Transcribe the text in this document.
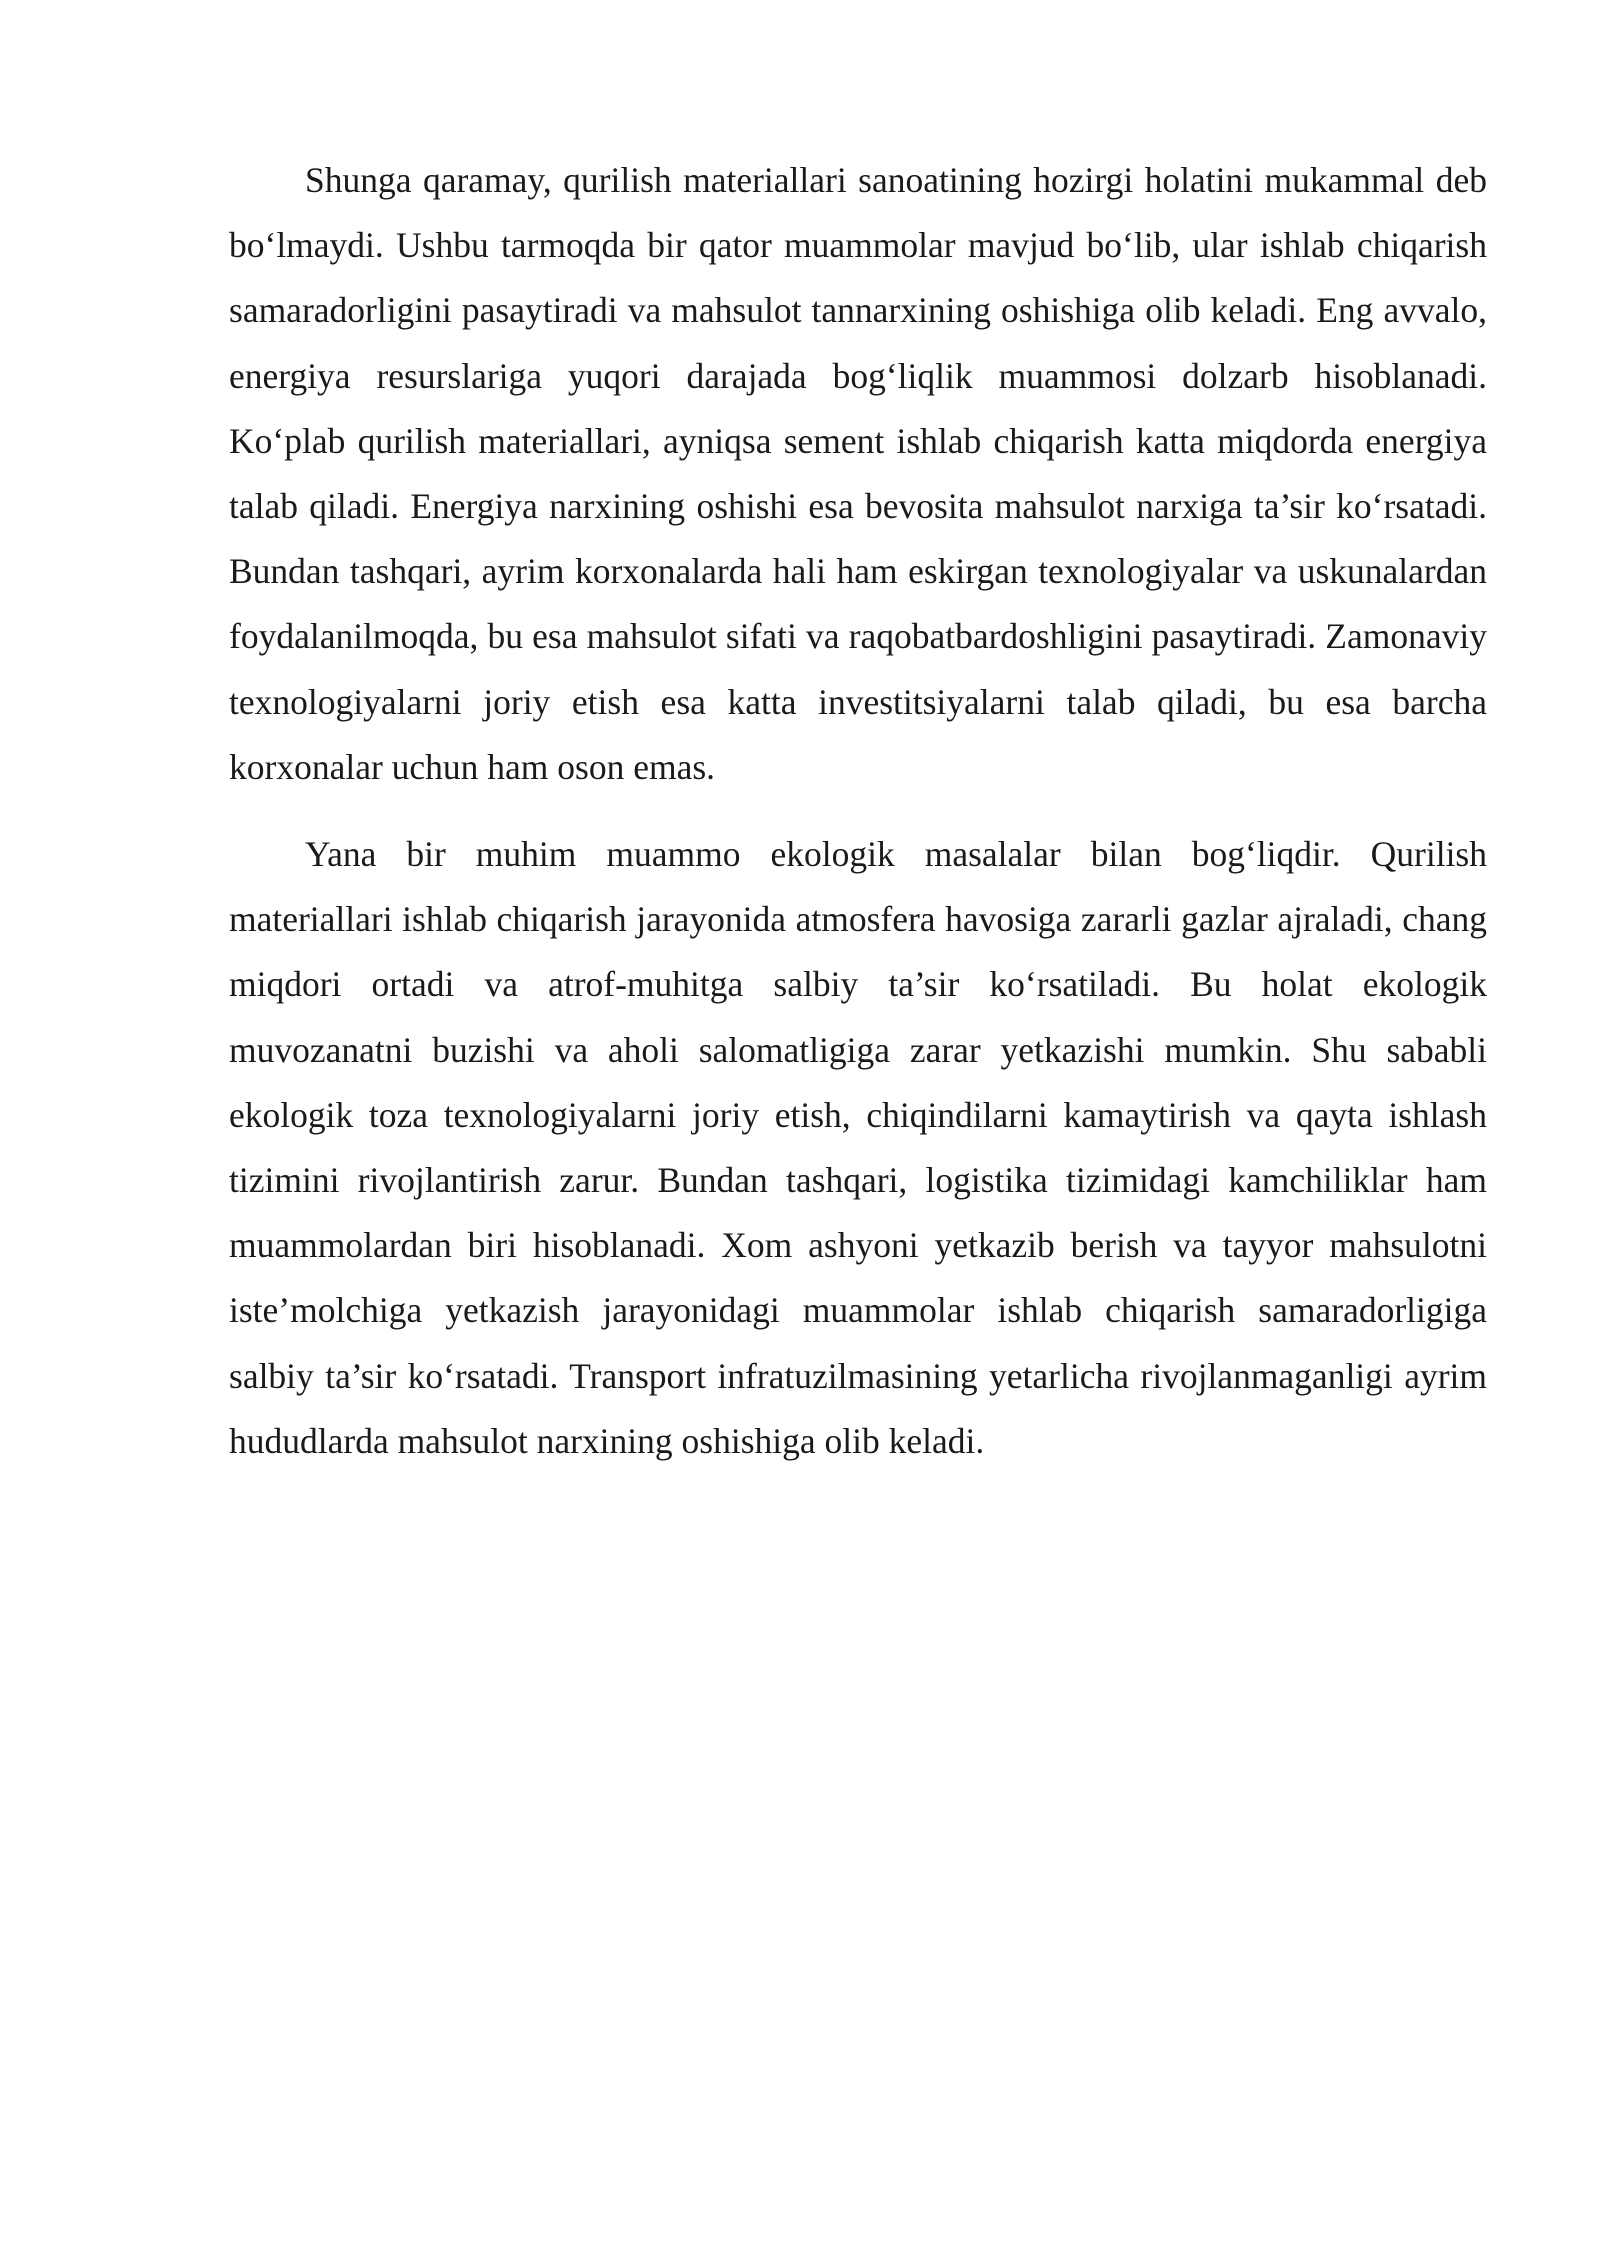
Shunga qaramay, qurilish materiallari sanoatining hozirgi holatini mukammal deb bo‘lmaydi. Ushbu tarmoqda bir qator muammolar mavjud bo‘lib, ular ishlab chiqarish samaradorligini pasaytiradi va mahsulot tannarxining oshishiga olib keladi. Eng avvalo, energiya resurslariga yuqori darajada bog‘liqlik muammosi dolzarb hisoblanadi. Ko‘plab qurilish materiallari, ayniqsa sement ishlab chiqarish katta miqdorda energiya talab qiladi. Energiya narxining oshishi esa bevosita mahsulot narxiga ta’sir ko‘rsatadi. Bundan tashqari, ayrim korxonalarda hali ham eskirgan texnologiyalar va uskunalardan foydalanilmoqda, bu esa mahsulot sifati va raqobatbardoshligini pasaytiradi. Zamonaviy texnologiyalarni joriy etish esa katta investitsiyalarni talab qiladi, bu esa barcha korxonalar uchun ham oson emas.

Yana bir muhim muammo ekologik masalalar bilan bog‘liqdir. Qurilish materiallari ishlab chiqarish jarayonida atmosfera havosiga zararli gazlar ajraladi, chang miqdori ortadi va atrof-muhitga salbiy ta’sir ko‘rsatiladi. Bu holat ekologik muvozanatni buzishi va aholi salomatligiga zarar yetkazishi mumkin. Shu sababli ekologik toza texnologiyalarni joriy etish, chiqindilarni kamaytirish va qayta ishlash tizimini rivojlantirish zarur. Bundan tashqari, logistika tizimidagi kamchiliklar ham muammolardan biri hisoblanadi. Xom ashyoni yetkazib berish va tayyor mahsulotni iste’molchiga yetkazish jarayonidagi muammolar ishlab chiqarish samaradorligiga salbiy ta’sir ko‘rsatadi. Transport infratuzilmasining yetarlicha rivojlanmaganligi ayrim hududlarda mahsulot narxining oshishiga olib keladi.
